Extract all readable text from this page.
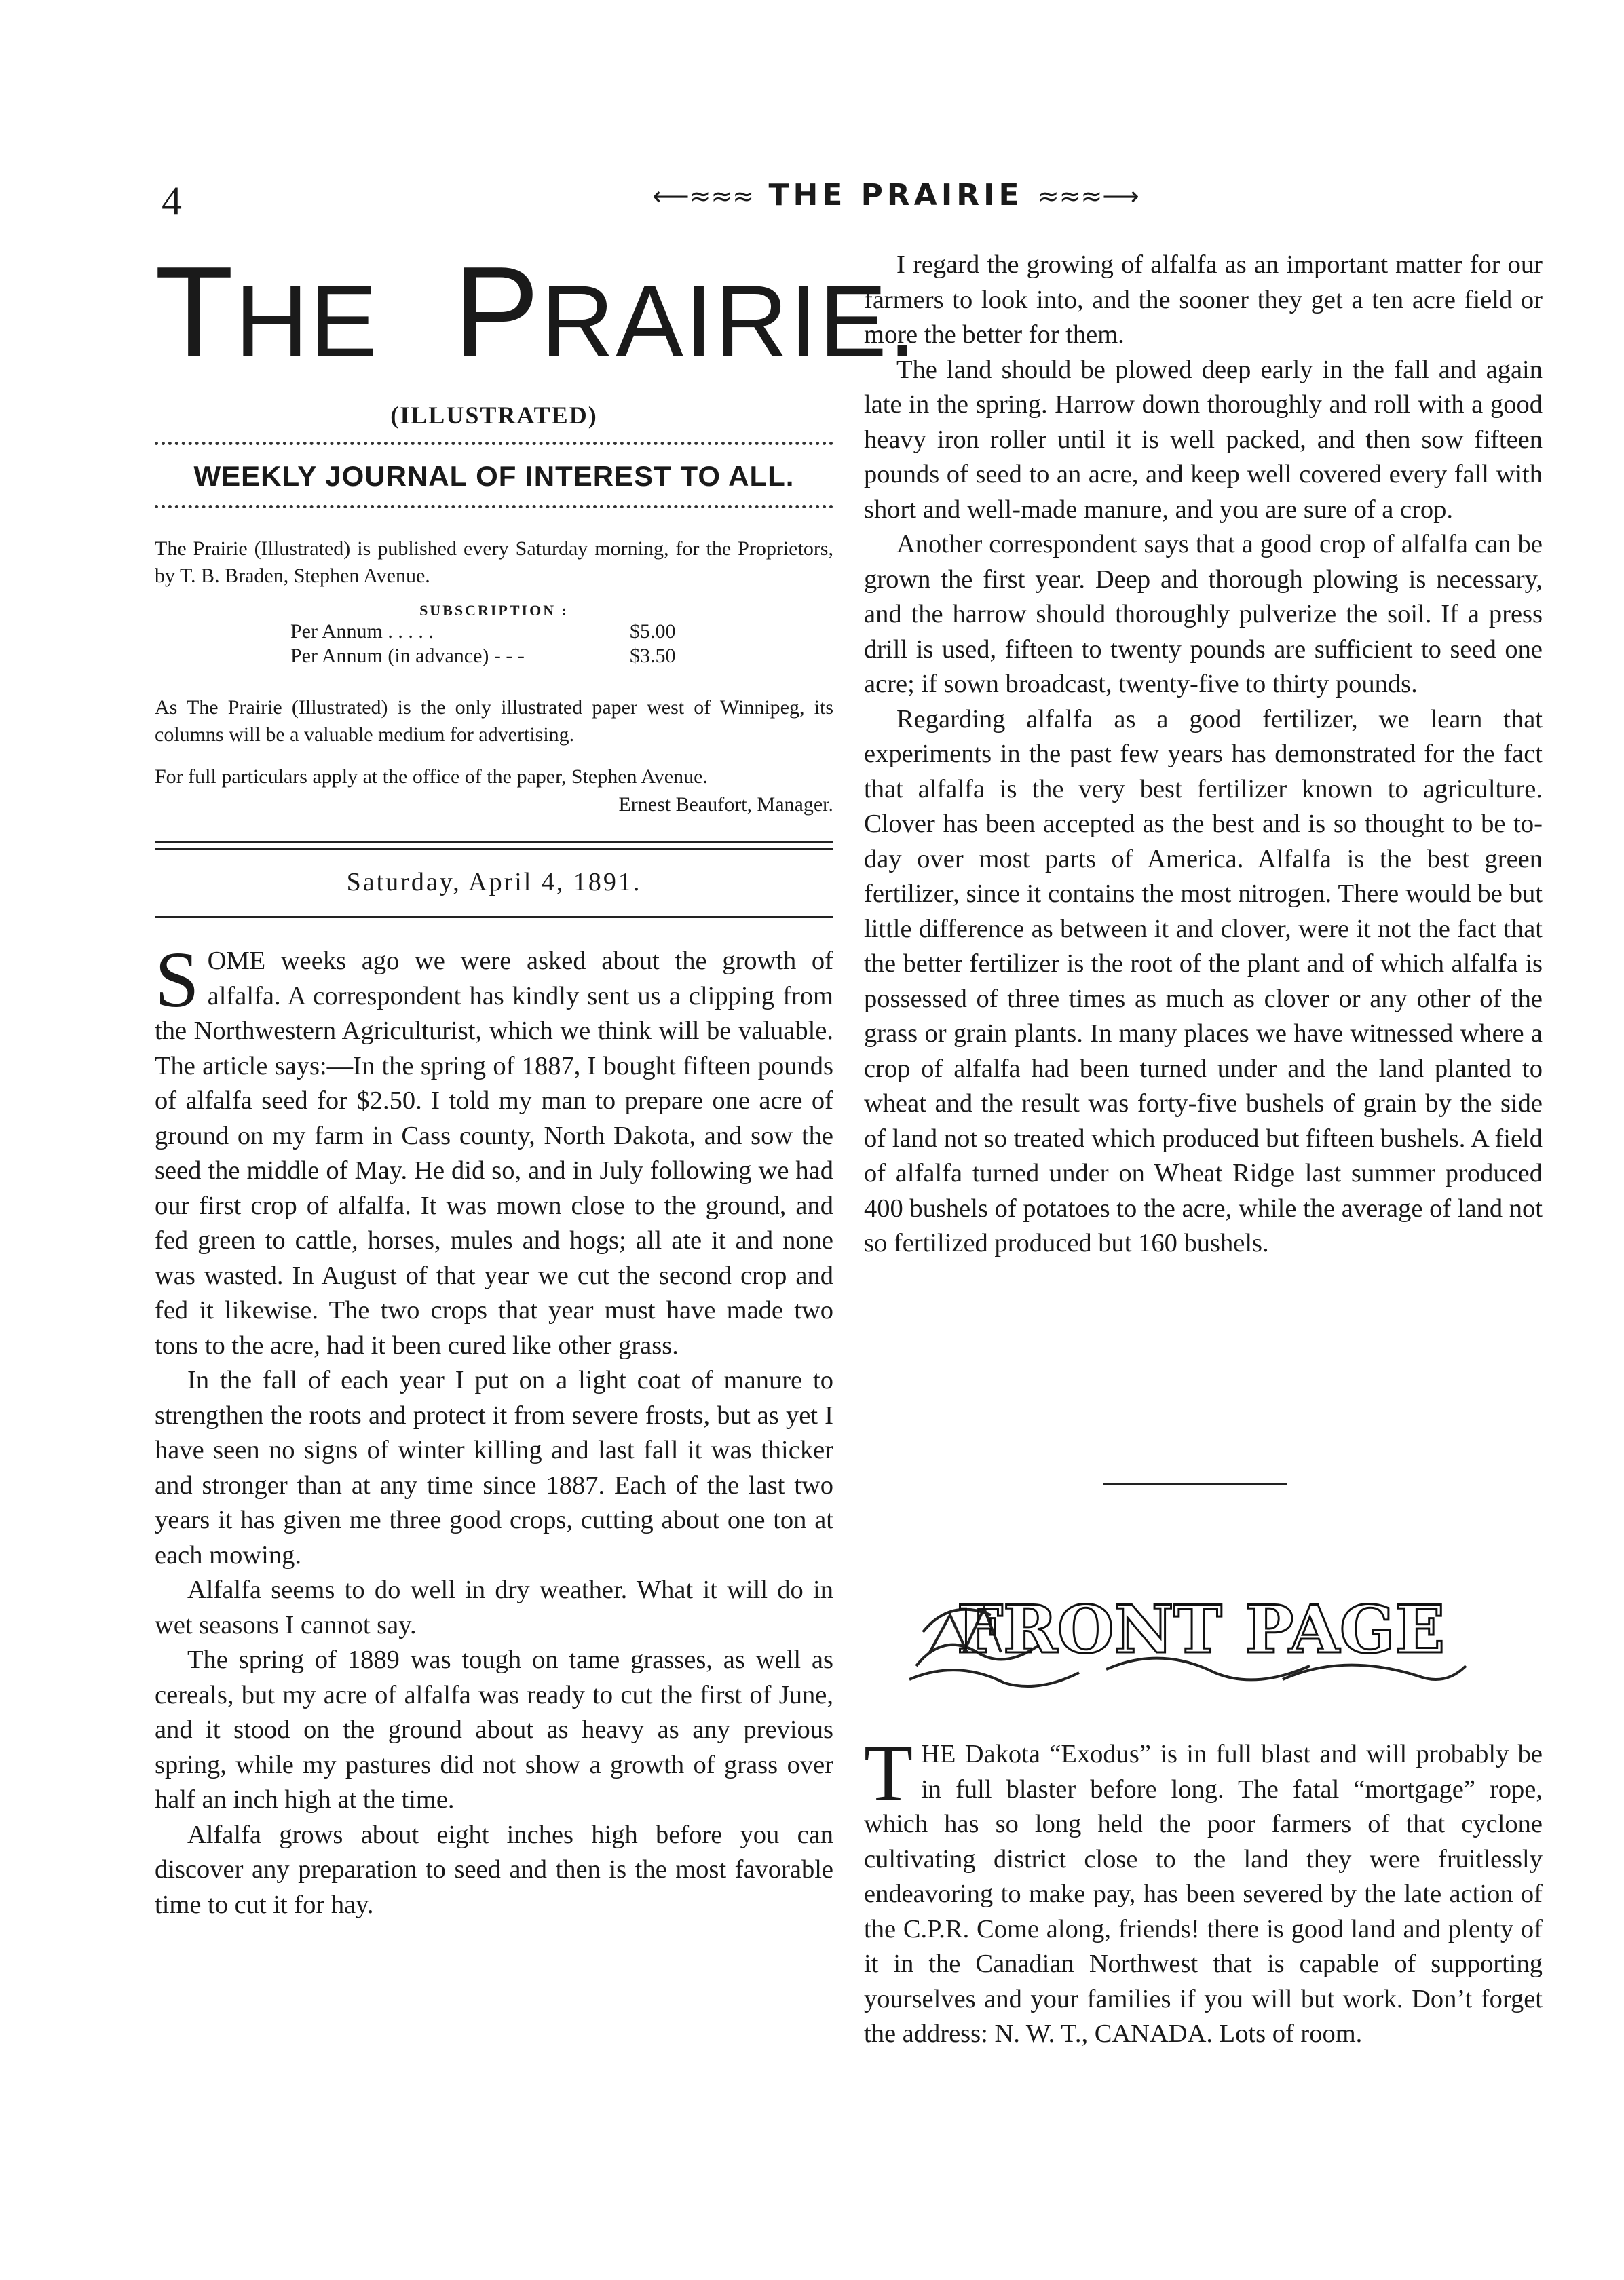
4	⟵≈≈≈ THE PRAIRIE ≈≈≈⟶
THE PRAIRIE.
(ILLUSTRATED)
WEEKLY JOURNAL OF INTEREST TO ALL.
The Prairie (Illustrated) is published every Saturday morning, for the Proprietors, by T. B. Braden, Stephen Avenue.
SUBSCRIPTION :
Per Annum . . . . .	$5.00
Per Annum (in advance) - - -	$3.50
As The Prairie (Illustrated) is the only illustrated paper west of Winnipeg, its columns will be a valuable medium for advertising.
For full particulars apply at the office of the paper, Stephen Avenue.
Ernest Beaufort, Manager.
Saturday, April 4, 1891.

SOME weeks ago we were asked about the growth of alfalfa. A correspondent has kindly sent us a clipping from the Northwestern Agriculturist, which we think will be valuable. The article says:—In the spring of 1887, I bought fifteen pounds of alfalfa seed for $2.50. I told my man to prepare one acre of ground on my farm in Cass county, North Dakota, and sow the seed the middle of May. He did so, and in July following we had our first crop of alfalfa. It was mown close to the ground, and fed green to cattle, horses, mules and hogs; all ate it and none was wasted. In August of that year we cut the second crop and fed it likewise. The two crops that year must have made two tons to the acre, had it been cured like other grass.

In the fall of each year I put on a light coat of manure to strengthen the roots and protect it from severe frosts, but as yet I have seen no signs of winter killing and last fall it was thicker and stronger than at any time since 1887. Each of the last two years it has given me three good crops, cutting about one ton at each mowing.

Alfalfa seems to do well in dry weather. What it will do in wet seasons I cannot say.

The spring of 1889 was tough on tame grasses, as well as cereals, but my acre of alfalfa was ready to cut the first of June, and it stood on the ground about as heavy as any previous spring, while my pastures did not show a growth of grass over half an inch high at the time.

Alfalfa grows about eight inches high before you can discover any preparation to seed and then is the most favorable time to cut it for hay.

I regard the growing of alfalfa as an important matter for our farmers to look into, and the sooner they get a ten acre field or more the better for them.

The land should be plowed deep early in the fall and again late in the spring. Harrow down thoroughly and roll with a good heavy iron roller until it is well packed, and then sow fifteen pounds of seed to an acre, and keep well covered every fall with short and well-made manure, and you are sure of a crop.

Another correspondent says that a good crop of alfalfa can be grown the first year. Deep and thorough plowing is necessary, and the harrow should thoroughly pulverize the soil. If a press drill is used, fifteen to twenty pounds are sufficient to seed one acre; if sown broadcast, twenty-five to thirty pounds.

Regarding alfalfa as a good fertilizer, we learn that experiments in the past few years has demonstrated for the fact that alfalfa is the very best fertilizer known to agriculture. Clover has been accepted as the best and is so thought to be to-day over most parts of America. Alfalfa is the best green fertilizer, since it contains the most nitrogen. There would be but little difference as between it and clover, were it not the fact that the better fertilizer is the root of the plant and of which alfalfa is possessed of three times as much as clover or any other of the grass or grain plants. In many places we have witnessed where a crop of alfalfa had been turned under and the land planted to wheat and the result was forty-five bushels of grain by the side of land not so treated which produced but fifteen bushels. A field of alfalfa turned under on Wheat Ridge last summer produced 400 bushels of potatoes to the acre, while the average of land not so fertilized produced but 160 bushels.

FRONT PAGE

THE Dakota “Exodus” is in full blast and will probably be in full blaster before long. The fatal “mortgage” rope, which has so long held the poor farmers of that cyclone cultivating district close to the land they were fruitlessly endeavoring to make pay, has been severed by the late action of the C.P.R. Come along, friends! there is good land and plenty of it in the Canadian Northwest that is capable of supporting yourselves and your families if you will but work. Don’t forget the address: N. W. T., CANADA. Lots of room.
